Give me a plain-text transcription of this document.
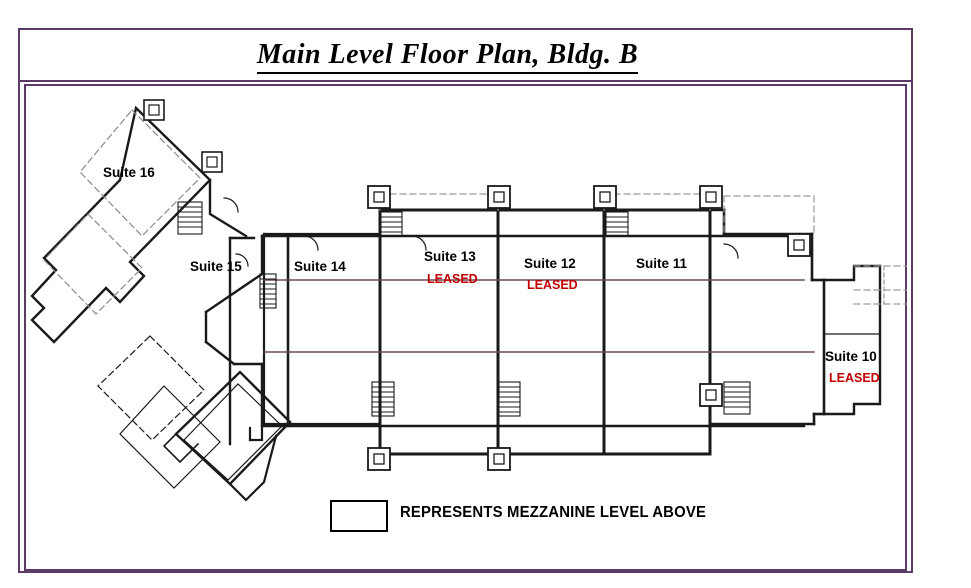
Main Level Floor Plan, Bldg. B
Suite 16
Suite 15	Suite 14
Suite 13
LEASED
Suite 12
LEASED
Suite 11
Suite 10
LEASED
REPRESENTS MEZZANINE LEVEL ABOVE
